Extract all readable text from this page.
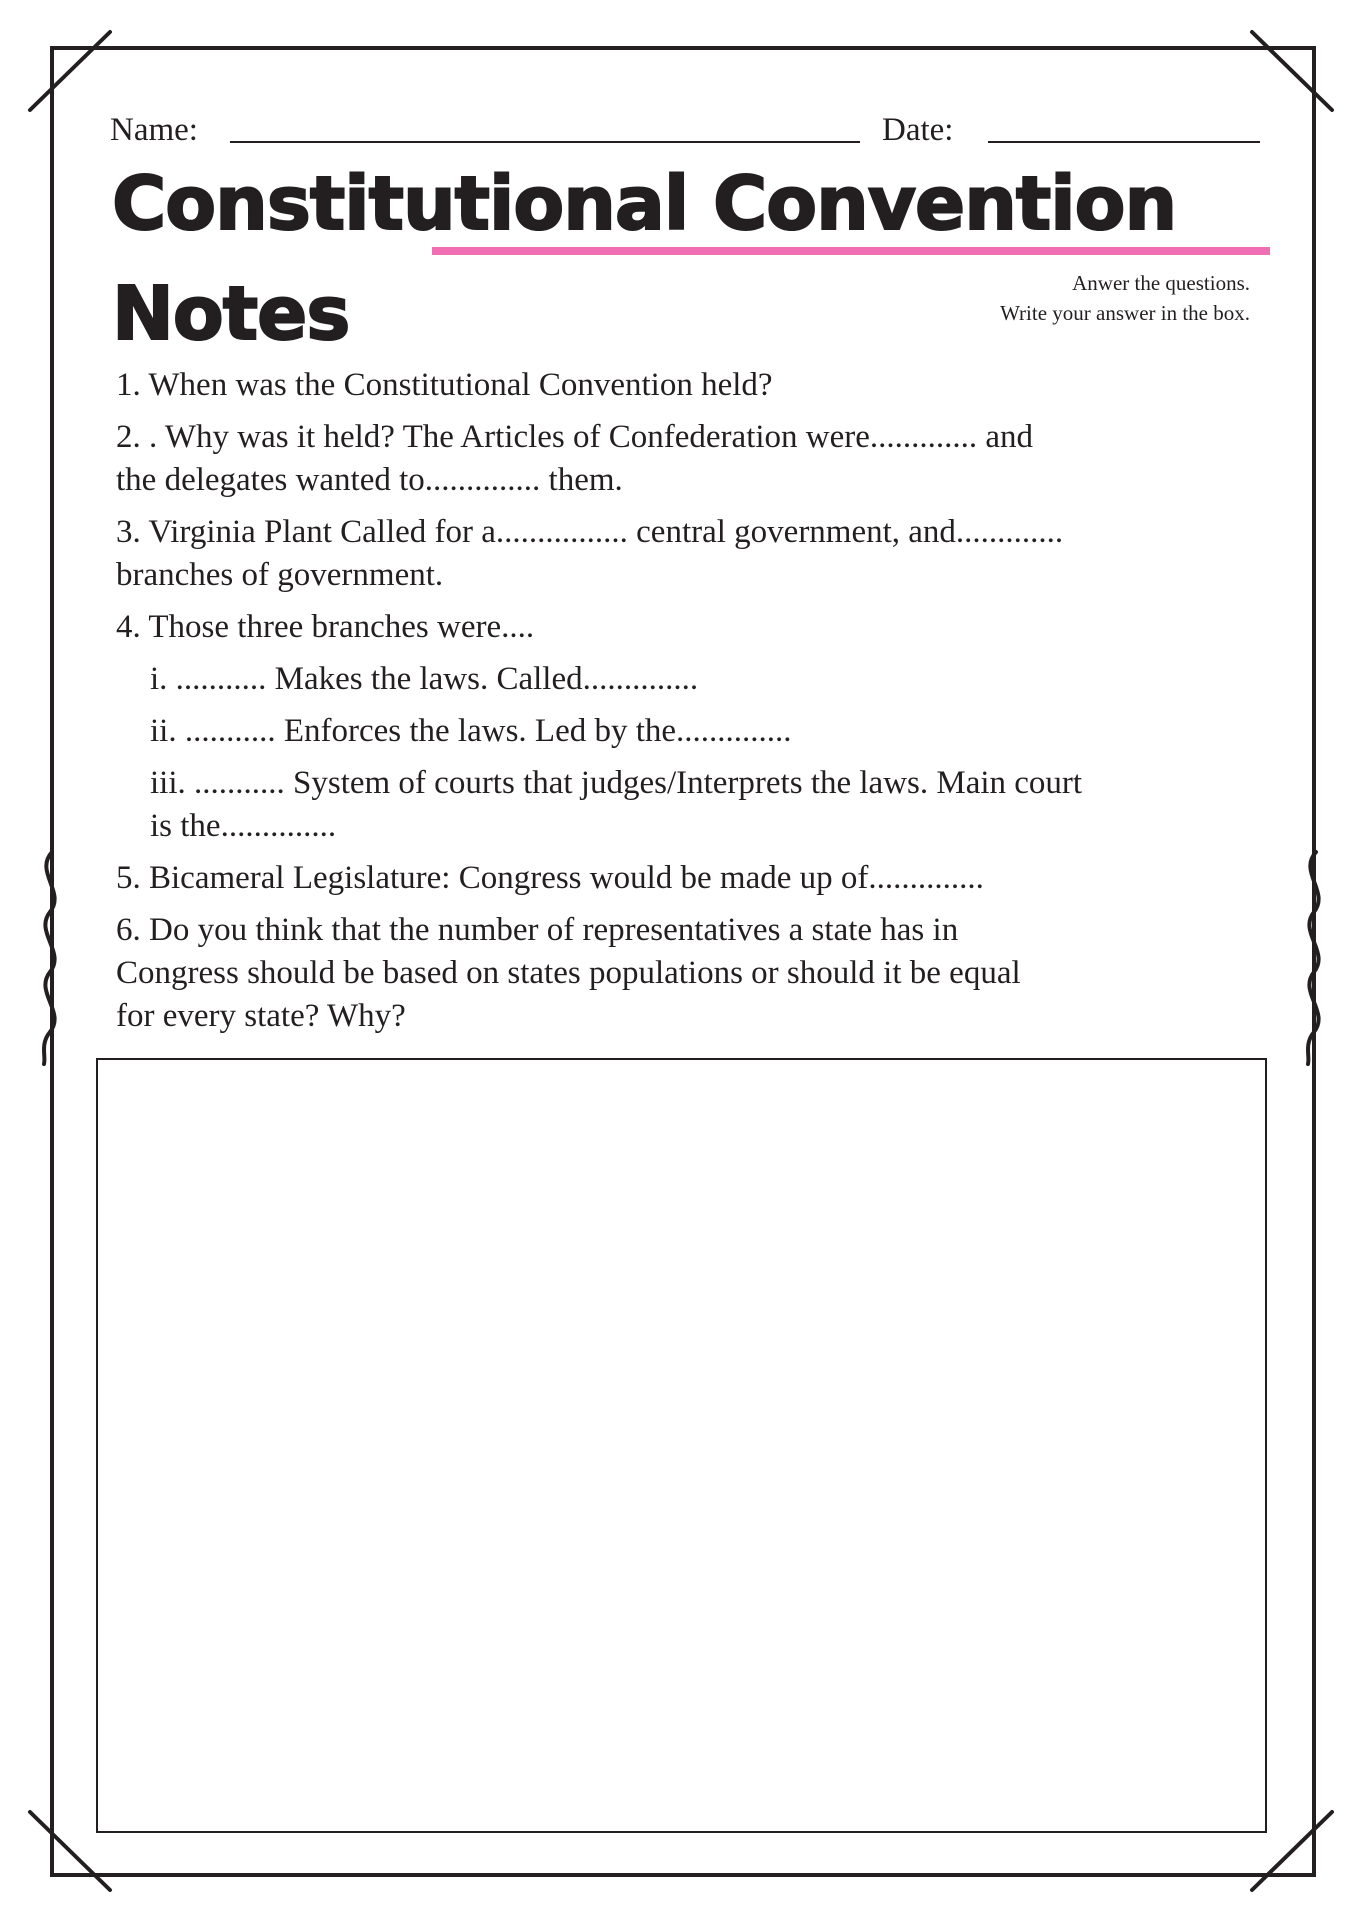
Name:	Date:
Constitutional Convention
Notes	Anwer the questions.
Write your answer in the box.
1. When was the Constitutional Convention held?
2. . Why was it held? The Articles of Confederation were............. and the delegates wanted to.............. them.
3. Virginia Plant Called for a................ central government, and............. branches of government.
4. Those three branches were....
i. ........... Makes the laws. Called..............
ii. ........... Enforces the laws. Led by the..............
iii. ........... System of courts that judges/Interprets the laws. Main court is the..............
5. Bicameral Legislature: Congress would be made up of..............
6. Do you think that the number of representatives a state has in Congress should be based on states populations or should it be equal for every state? Why?
